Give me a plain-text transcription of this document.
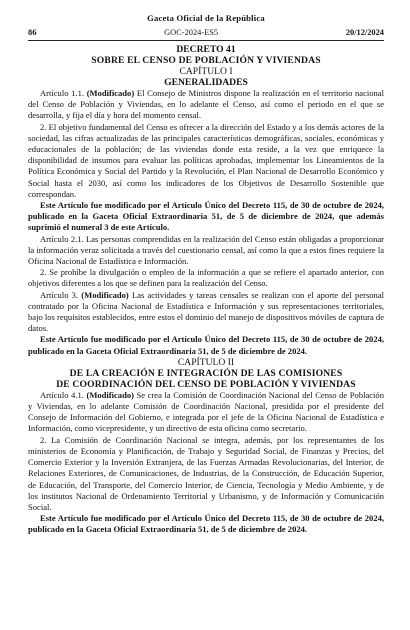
Gaceta Oficial de la República
86	GOC-2024-ES5	20/12/2024
DECRETO 41
SOBRE EL CENSO DE POBLACIÓN Y VIVIENDAS
CAPÍTULO I
GENERALIDADES

Artículo 1.1. (Modificado) El Consejo de Ministros dispone la realización en el territorio nacional del Censo de Población y Viviendas, en lo adelante el Censo, así como el periodo en el que se desarrolla, y fija el día y hora del momento censal.

2. El objetivo fundamental del Censo es ofrecer a la dirección del Estado y a los demás actores de la sociedad, las cifras actualizadas de las principales características demográficas, sociales, económicas y educacionales de la población; de las viviendas donde esta reside, a la vez que enriquece la disponibilidad de insumos para evaluar las políticas aprobadas, implementar los Lineamientos de la Política Económica y Social del Partido y la Revolución, el Plan Nacional de Desarrollo Económico y Social hasta el 2030, así como los indicadores de los Objetivos de Desarrollo Sostenible que correspondan.

Este Artículo fue modificado por el Artículo Único del Decreto 115, de 30 de octubre de 2024, publicado en la Gaceta Oficial Extraordinaria 51, de 5 de diciembre de 2024, que además suprimió el numeral 3 de este Artículo.

Artículo 2.1. Las personas comprendidas en la realización del Censo están obligadas a proporcionar la información veraz solicitada a través del cuestionario censal, así como la que a estos fines requiere la Oficina Nacional de Estadística e Información.

2. Se prohíbe la divulgación o empleo de la información a que se refiere el apartado anterior, con objetivos diferentes a los que se definen para la realización del Censo.

Artículo 3. (Modificado) Las actividades y tareas censales se realizan con el aporte del personal contratado por la Oficina Nacional de Estadística e Información y sus representaciones territoriales, bajo los requisitos establecidos, entre estos el dominio del manejo de dispositivos móviles de captura de datos.

Este Artículo fue modificado por el Artículo Único del Decreto 115, de 30 de octubre de 2024, publicado en la Gaceta Oficial Extraordinaria 51, de 5 de diciembre de 2024.

CAPÍTULO II
DE LA CREACIÓN E INTEGRACIÓN DE LAS COMISIONES
DE COORDINACIÓN DEL CENSO DE POBLACIÓN Y VIVIENDAS

Artículo 4.1. (Modificado) Se crea la Comisión de Coordinación Nacional del Censo de Población y Viviendas, en lo adelante Comisión de Coordinación Nacional, presidida por el presidente del Consejo de Información del Gobierno, e integrada por el jefe de la Oficina Nacional de Estadística e Información, como vicepresidente, y un directivo de esta oficina como secretario.

2. La Comisión de Coordinación Nacional se integra, además, por los representantes de los ministerios de Economía y Planificación, de Trabajo y Seguridad Social, de Finanzas y Precios, del Comercio Exterior y la Inversión Extranjera, de las Fuerzas Armadas Revolucionarias, del Interior, de Relaciones Exteriores, de Comunicaciones, de Industrias, de la Construcción, de Educación Superior, de Educación, del Transporte, del Comercio Interior, de Ciencia, Tecnología y Medio Ambiente, y de los institutos Nacional de Ordenamiento Territorial y Urbanismo, y de Información y Comunicación Social.

Este Artículo fue modificado por el Artículo Único del Decreto 115, de 30 de octubre de 2024, publicado en la Gaceta Oficial Extraordinaria 51, de 5 de diciembre de 2024.
